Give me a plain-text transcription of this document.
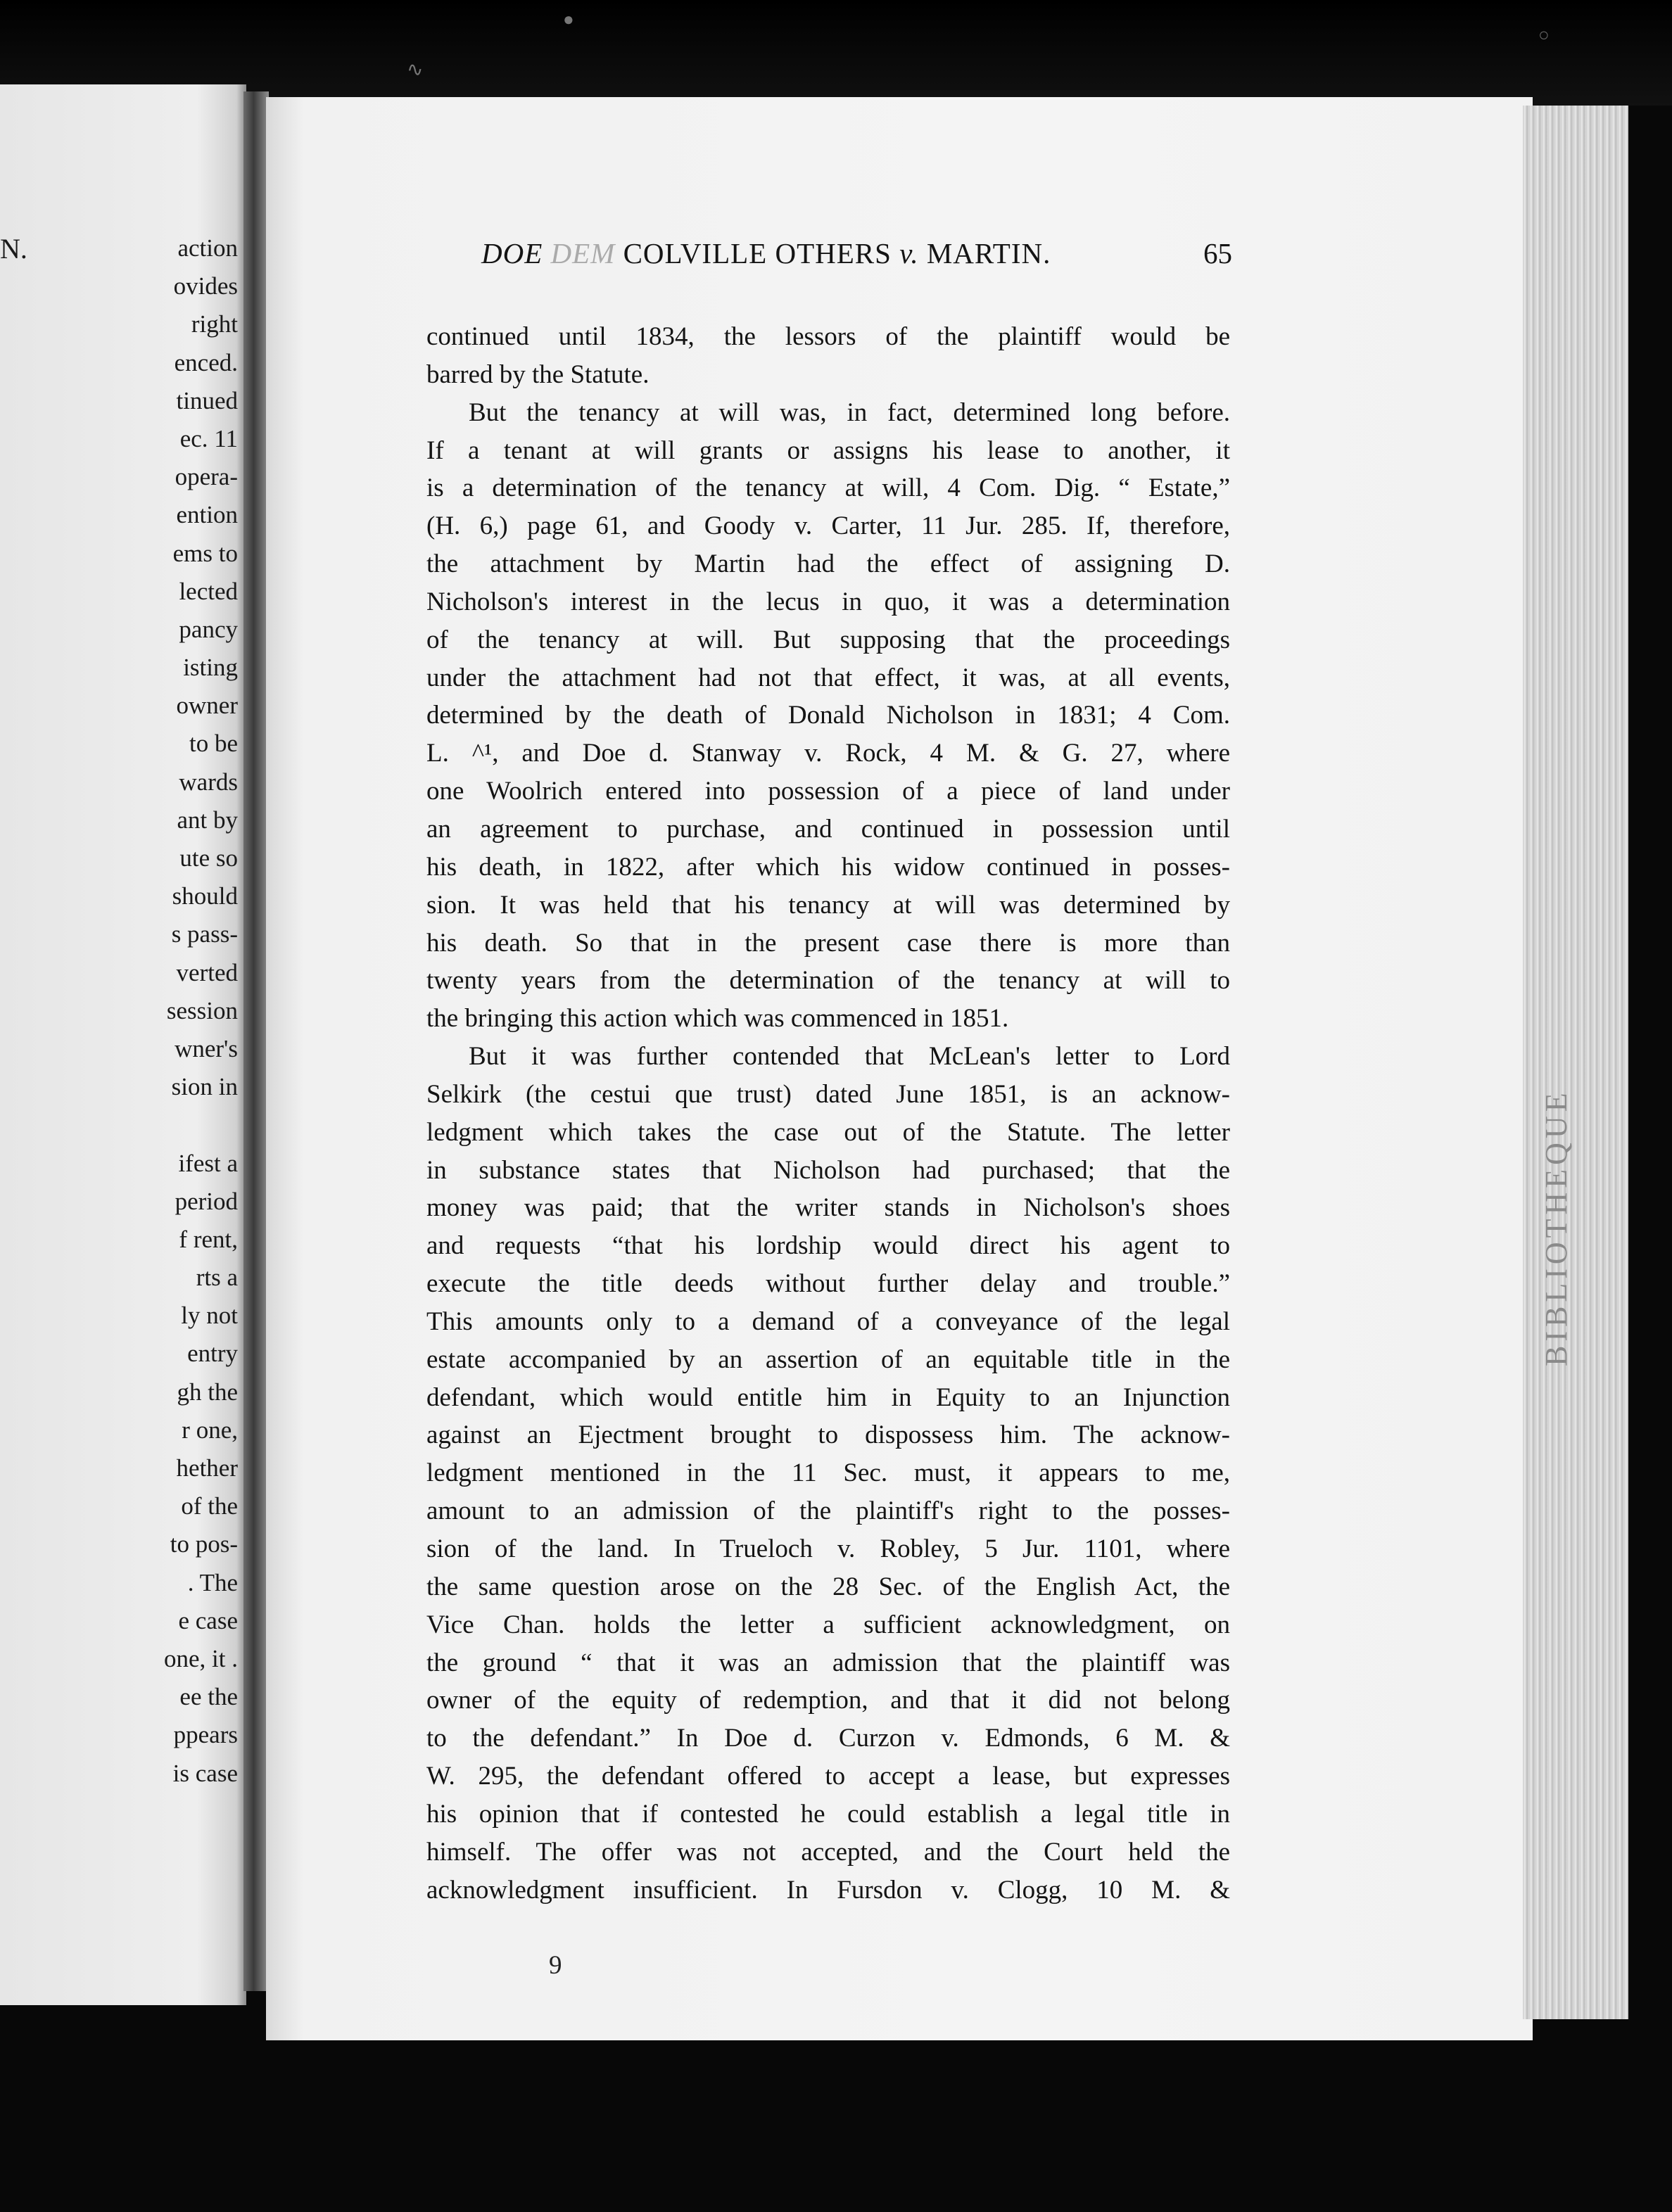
●
∿
○
N.	action
ovides
right
enced.
tinued
ec. 11
opera-
ention
ems to
lected
pancy
isting
owner
to be
wards
ant by
ute so
should
s pass-
verted
session
wner's
sion in
ifest a
period
f rent,
rts a
ly not
entry
gh the
r one,
hether
of the
to pos-
. The
e case
one, it .
ee the
ppears
is case
BIBLIOTHEQUE
DOE DEM COLVILLE OTHERS v. MARTIN.	65
continued until 1834, the lessors of the plaintiff would be
barred by the Statute.
But the tenancy at will was, in fact, determined long before.
If a tenant at will grants or assigns his lease to another, it
is a determination of the tenancy at will, 4 Com. Dig. “ Estate,”
(H. 6,) page 61, and Goody v. Carter, 11 Jur. 285. If, therefore,
the attachment by Martin had the effect of assigning D.
Nicholson's interest in the lecus in quo, it was a determination
of the tenancy at will. But supposing that the proceedings
under the attachment had not that effect, it was, at all events,
determined by the death of Donald Nicholson in 1831; 4 Com.
L. ^¹, and Doe d. Stanway v. Rock, 4 M. & G. 27, where
one Woolrich entered into possession of a piece of land under
an agreement to purchase, and continued in possession until
his death, in 1822, after which his widow continued in posses-
sion. It was held that his tenancy at will was determined by
his death. So that in the present case there is more than
twenty years from the determination of the tenancy at will to
the bringing this action which was commenced in 1851.
But it was further contended that McLean's letter to Lord
Selkirk (the cestui que trust) dated June 1851, is an acknow-
ledgment which takes the case out of the Statute. The letter
in substance states that Nicholson had purchased; that the
money was paid; that the writer stands in Nicholson's shoes
and requests “that his lordship would direct his agent to
execute the title deeds without further delay and trouble.”
This amounts only to a demand of a conveyance of the legal
estate accompanied by an assertion of an equitable title in the
defendant, which would entitle him in Equity to an Injunction
against an Ejectment brought to dispossess him. The acknow-
ledgment mentioned in the 11 Sec. must, it appears to me,
amount to an admission of the plaintiff's right to the posses-
sion of the land. In Trueloch v. Robley, 5 Jur. 1101, where
the same question arose on the 28 Sec. of the English Act, the
Vice Chan. holds the letter a sufficient acknowledgment, on
the ground “ that it was an admission that the plaintiff was
owner of the equity of redemption, and that it did not belong
to the defendant.” In Doe d. Curzon v. Edmonds, 6 M. &
W. 295, the defendant offered to accept a lease, but expresses
his opinion that if contested he could establish a legal title in
himself. The offer was not accepted, and the Court held the
acknowledgment insufficient. In Fursdon v. Clogg, 10 M. &
9
